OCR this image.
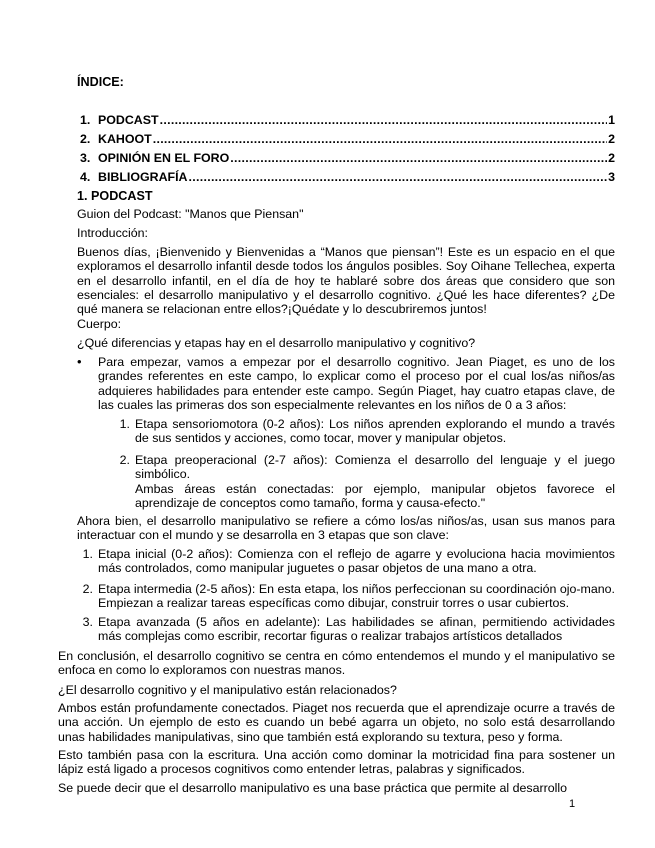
ÍNDICE:
1. PODCAST .....	1
2. KAHOOT .....	2
3. OPINIÓN EN EL FORO .....	2
4. BIBLIOGRAFÍA .....	3
1. PODCAST
Guion del Podcast: "Manos que Piensan"
Introducción:
Buenos días, ¡Bienvenido y Bienvenidas a “Manos que piensan”! Este es un espacio en el que exploramos el desarrollo infantil desde todos los ángulos posibles. Soy Oihane Tellechea, experta en el desarrollo infantil, en el día de hoy te hablaré sobre dos áreas que considero que son esenciales: el desarrollo manipulativo y el desarrollo cognitivo. ¿Qué les hace diferentes? ¿De qué manera se relacionan entre ellos?¡Quédate y lo descubriremos juntos!
Cuerpo:
¿Qué diferencias y etapas hay en el desarrollo manipulativo y cognitivo?
•	Para empezar, vamos a empezar por el desarrollo cognitivo. Jean Piaget, es uno de los grandes referentes en este campo, lo explicar como el proceso por el cual los/as niños/as adquieres habilidades para entender este campo. Según Piaget, hay cuatro etapas clave, de las cuales las primeras dos son especialmente relevantes en los niños de 0 a 3 años:
1. Etapa sensoriomotora (0-2 años): Los niños aprenden explorando el mundo a través de sus sentidos y acciones, como tocar, mover y manipular objetos.
2. Etapa preoperacional (2-7 años): Comienza el desarrollo del lenguaje y el juego simbólico.
Ambas áreas están conectadas: por ejemplo, manipular objetos favorece el aprendizaje de conceptos como tamaño, forma y causa-efecto."
Ahora bien, el desarrollo manipulativo se refiere a cómo los/as niños/as, usan sus manos para interactuar con el mundo y se desarrolla en 3 etapas que son clave:
1. Etapa inicial (0-2 años): Comienza con el reflejo de agarre y evoluciona hacia movimientos más controlados, como manipular juguetes o pasar objetos de una mano a otra.
2. Etapa intermedia (2-5 años): En esta etapa, los niños perfeccionan su coordinación ojo-mano. Empiezan a realizar tareas específicas como dibujar, construir torres o usar cubiertos.
3. Etapa avanzada (5 años en adelante): Las habilidades se afinan, permitiendo actividades más complejas como escribir, recortar figuras o realizar trabajos artísticos detallados
En conclusión, el desarrollo cognitivo se centra en cómo entendemos el mundo y el manipulativo se enfoca en como lo exploramos con nuestras manos.
¿El desarrollo cognitivo y el manipulativo están relacionados?
Ambos están profundamente conectados. Piaget nos recuerda que el aprendizaje ocurre a través de una acción. Un ejemplo de esto es cuando un bebé agarra un objeto, no solo está desarrollando unas habilidades manipulativas, sino que también está explorando su textura, peso y forma.
Esto también pasa con la escritura. Una acción como dominar la motricidad fina para sostener un lápiz está ligado a procesos cognitivos como entender letras, palabras y significados.
Se puede decir que el desarrollo manipulativo es una base práctica que permite al desarrollo
1
